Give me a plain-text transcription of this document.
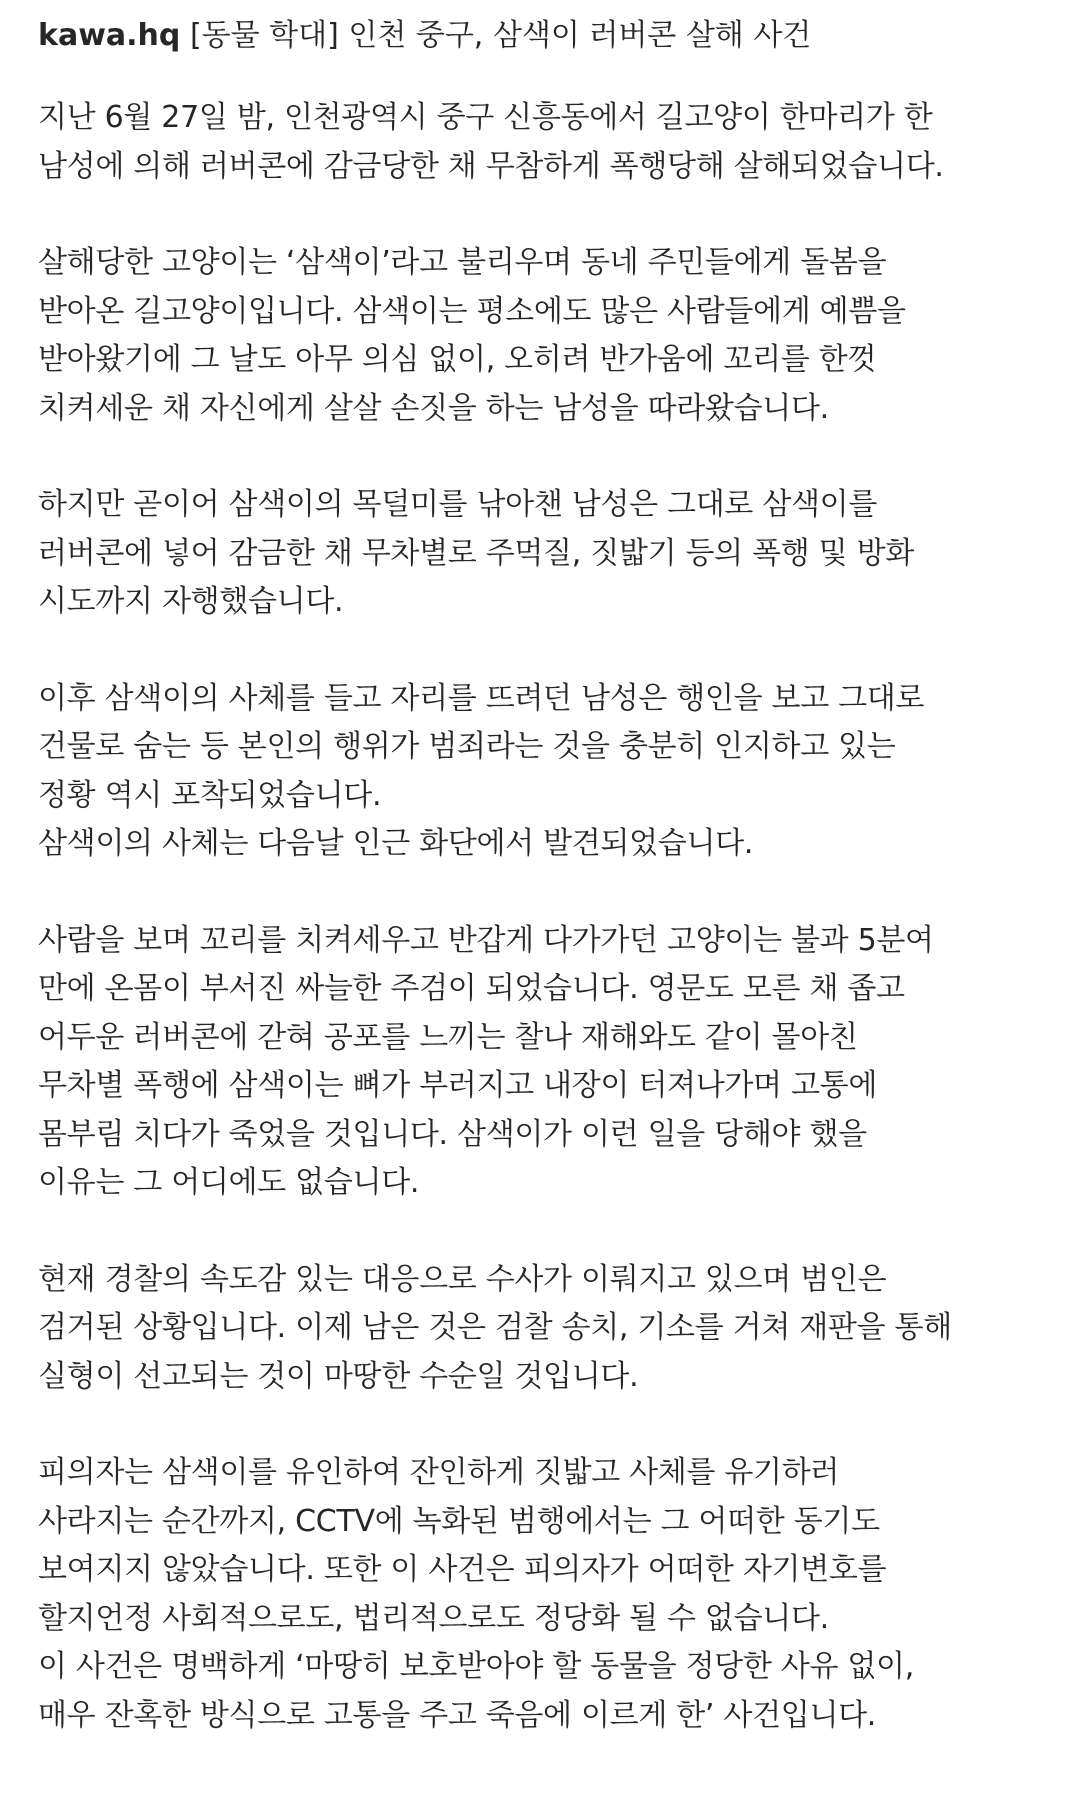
kawa.hq [동물 학대] 인천 중구, 삼색이 러버콘 살해 사건
지난 6월 27일 밤, 인천광역시 중구 신흥동에서 길고양이 한마리가 한
남성에 의해 러버콘에 감금당한 채 무참하게 폭행당해 살해되었습니다.
살해당한 고양이는 ‘삼색이’라고 불리우며 동네 주민들에게 돌봄을
받아온 길고양이입니다. 삼색이는 평소에도 많은 사람들에게 예쁨을
받아왔기에 그 날도 아무 의심 없이, 오히려 반가움에 꼬리를 한껏
치켜세운 채 자신에게 살살 손짓을 하는 남성을 따라왔습니다.
하지만 곧이어 삼색이의 목덜미를 낚아챈 남성은 그대로 삼색이를
러버콘에 넣어 감금한 채 무차별로 주먹질, 짓밟기 등의 폭행 및 방화
시도까지 자행했습니다.
이후 삼색이의 사체를 들고 자리를 뜨려던 남성은 행인을 보고 그대로
건물로 숨는 등 본인의 행위가 범죄라는 것을 충분히 인지하고 있는
정황 역시 포착되었습니다.
삼색이의 사체는 다음날 인근 화단에서 발견되었습니다.
사람을 보며 꼬리를 치켜세우고 반갑게 다가가던 고양이는 불과 5분여
만에 온몸이 부서진 싸늘한 주검이 되었습니다. 영문도 모른 채 좁고
어두운 러버콘에 갇혀 공포를 느끼는 찰나 재해와도 같이 몰아친
무차별 폭행에 삼색이는 뼈가 부러지고 내장이 터져나가며 고통에
몸부림 치다가 죽었을 것입니다. 삼색이가 이런 일을 당해야 했을
이유는 그 어디에도 없습니다.
현재 경찰의 속도감 있는 대응으로 수사가 이뤄지고 있으며 범인은
검거된 상황입니다. 이제 남은 것은 검찰 송치, 기소를 거쳐 재판을 통해
실형이 선고되는 것이 마땅한 수순일 것입니다.
피의자는 삼색이를 유인하여 잔인하게 짓밟고 사체를 유기하러
사라지는 순간까지, CCTV에 녹화된 범행에서는 그 어떠한 동기도
보여지지 않았습니다. 또한 이 사건은 피의자가 어떠한 자기변호를
할지언정 사회적으로도, 법리적으로도 정당화 될 수 없습니다.
이 사건은 명백하게 ‘마땅히 보호받아야 할 동물을 정당한 사유 없이,
매우 잔혹한 방식으로 고통을 주고 죽음에 이르게 한’ 사건입니다.
